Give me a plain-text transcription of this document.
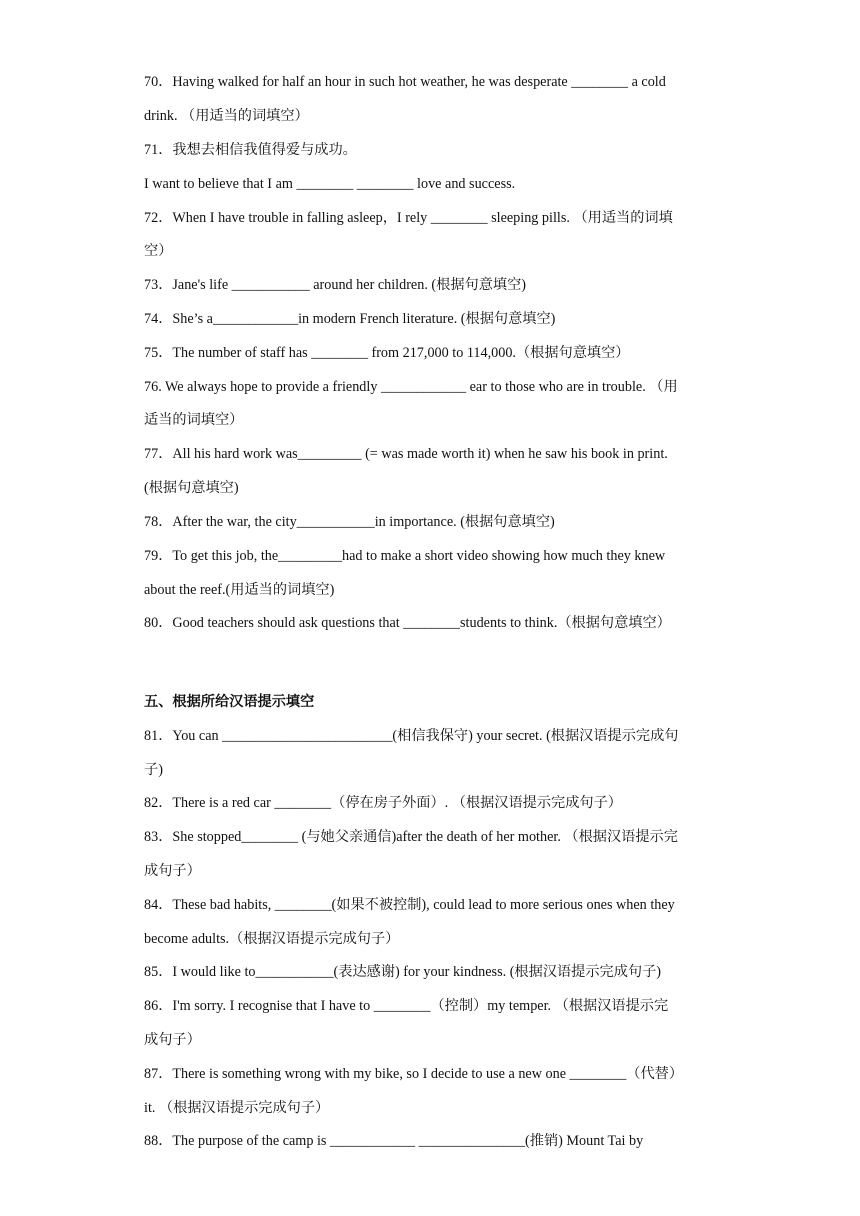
70．Having walked for half an hour in such hot weather, he was desperate ________ a cold
drink. （用适当的词填空）
71．我想去相信我值得爱与成功。
I want to believe that I am ________ ________ love and success.
72．When I have trouble in falling asleep，I rely ________ sleeping pills. （用适当的词填
空）
73．Jane's life ___________ around her children. (根据句意填空)
74．She’s a____________in modern French literature. (根据句意填空)
75．The number of staff has ________ from 217,000 to 114,000.（根据句意填空）
76. We always hope to provide a friendly ____________ ear to those who are in trouble. （用
适当的词填空）
77．All his hard work was_________ (= was made worth it) when he saw his book in print.
(根据句意填空)
78．After the war, the city___________in importance. (根据句意填空)
79．To get this job, the_________had to make a short video showing how much they knew
about the reef.(用适当的词填空)
80．Good teachers should ask questions that ________students to think.（根据句意填空）
五、根据所给汉语提示填空
81．You can ________________________(相信我保守) your secret. (根据汉语提示完成句
子)
82．There is a red car ________（停在房子外面）. （根据汉语提示完成句子）
83．She stopped________ (与她父亲通信)after the death of her mother. （根据汉语提示完
成句子）
84．These bad habits, ________(如果不被控制), could lead to more serious ones when they
become adults.（根据汉语提示完成句子）
85．I would like to___________(表达感谢) for your kindness. (根据汉语提示完成句子)
86．I'm sorry. I recognise that I have to ________（控制）my temper. （根据汉语提示完
成句子）
87．There is something wrong with my bike, so I decide to use a new one ________（代替）
it. （根据汉语提示完成句子）
88．The purpose of the camp is ____________ _______________(推销) Mount Tai by
